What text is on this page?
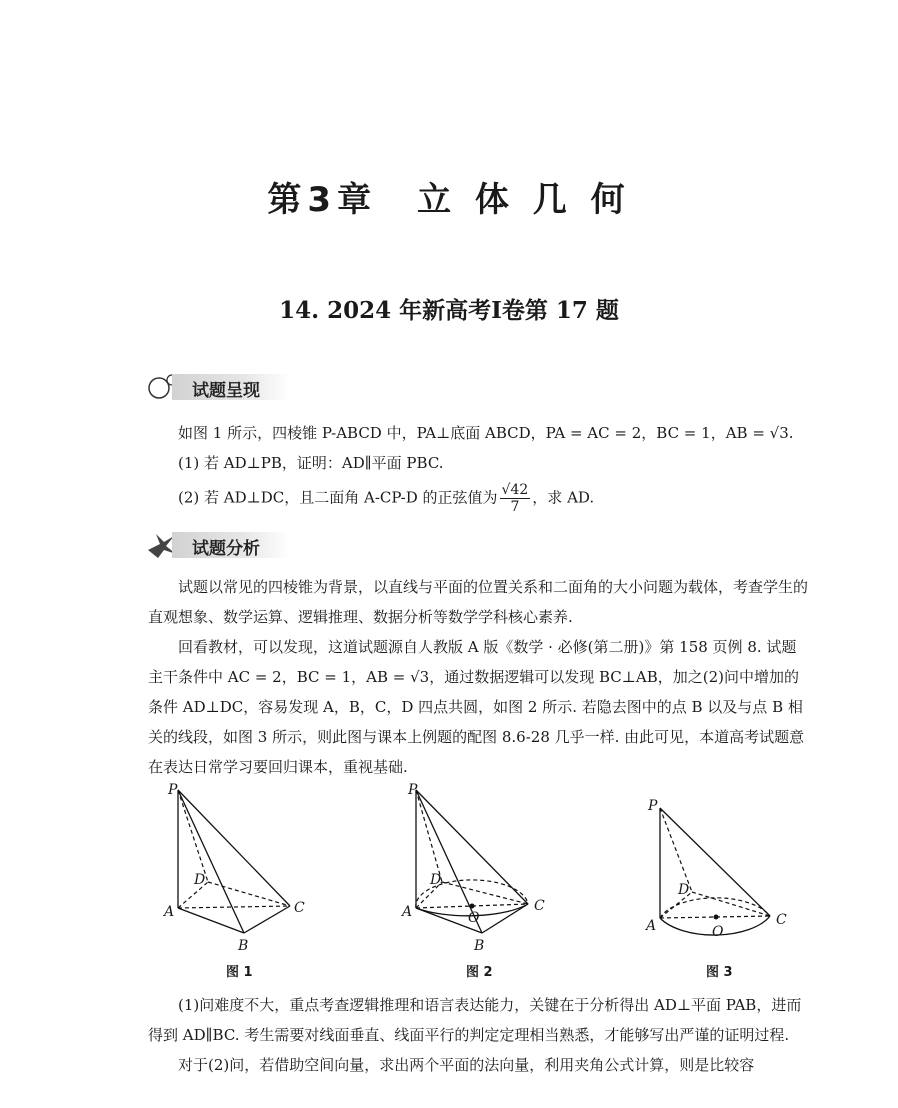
第3章　立 体 几 何
14. 2024 年新高考Ⅰ卷第 17 题
试题呈现

如图 1 所示，四棱锥 P-ABCD 中，PA⊥底面 ABCD，PA = AC = 2，BC = 1，AB = √3.

(1) 若 AD⊥PB，证明：AD∥平面 PBC.

(2) 若 AD⊥DC，且二面角 A-CP-D 的正弦值为 $\frac{√42}{7}$ ，求 AD.

试题分析

试题以常见的四棱锥为背景，以直线与平面的位置关系和二面角的大小问题为载体，考查学生的直观想象、数学运算、逻辑推理、数据分析等数学学科核心素养.

回看教材，可以发现，这道试题源自人教版 A 版《数学 · 必修(第二册)》第 158 页例 8. 试题主干条件中 AC = 2，BC = 1，AB = √3，通过数据逻辑可以发现 BC⊥AB，加之(2)问中增加的条件 AD⊥DC，容易发现 A，B，C，D 四点共圆，如图 2 所示. 若隐去图中的点 B 以及与点 B 相关的线段，如图 3 所示，则此图与课本上例题的配图 8.6-28 几乎一样. 由此可见，本道高考试题意在表达日常学习要回归课本，重视基础.

P
D
A
B
C
图 1
P
D
A
B
C
O
图 2
P
D
A	C
O
图 3

(1)问难度不大，重点考查逻辑推理和语言表达能力，关键在于分析得出 AD⊥平面 PAB，进而得到 AD∥BC. 考生需要对线面垂直、线面平行的判定定理相当熟悉，才能够写出严谨的证明过程.

对于(2)问，若借助空间向量，求出两个平面的法向量，利用夹角公式计算，则是比较容
